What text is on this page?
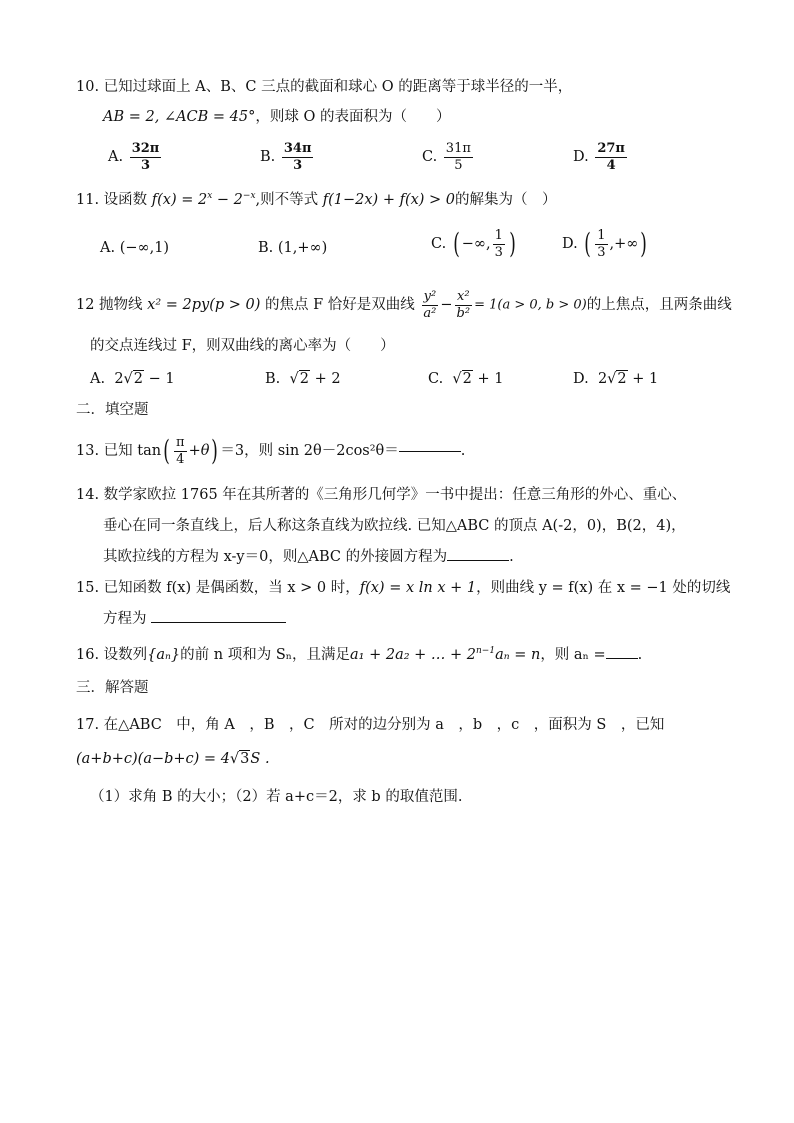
10. 已知过球面上 A、B、C 三点的截面和球心 O 的距离等于球半径的一半，
AB = 2, ∠ACB = 45°，则球 O 的表面积为（　　）
A. $\frac{32\pi}{3}$	B. $\frac{34\pi}{3}$	C. $\frac{31\pi}{5}$	D. $\frac{27\pi}{4}$
11. 设函数 $f(x) = 2^x - 2^{-x}$,则不等式 f(1−2x) + f(x) > 0的解集为（　）
A. (−∞,1)	B. (1,+∞)	C. ( −∞, $\frac{1}{3}$ )	D. ( $\frac{1}{3}$ ,+∞)
12 抛物线 x² = 2py(p > 0) 的焦点 F 恰好是双曲线 $\frac{\text{y²}}{\text{a²}} - \frac{\text{x²}}{\text{b²}} = 1(a > 0$, b > 0)的上焦点，且两条曲线
的交点连线过 F，则双曲线的离心率为（　　）
A. 2√2 − 1	B.  √2 + 2	C.  √2 + 1	D. 2√2 + 1
二．填空题
13. 已知 $\tan( \frac{\pi}{4} +\theta) =3$，则 sin 2θ－2cos²θ＝	.
14. 数学家欧拉 1765 年在其所著的《三角形几何学》一书中提出：任意三角形的外心、重心、
垂心在同一条直线上，后人称这条直线为欧拉线. 已知△ABC 的顶点 A(-2，0)，B(2，4)，
其欧拉线的方程为 x-y＝0，则△ABC 的外接圆方程为	.
15. 已知函数 f(x) 是偶函数，当 x > 0 时，f(x) = x ln x + 1，则曲线 y = f(x) 在 x = −1 处的切线
方程为
16. 设数列{aₙ}的前 n 项和为 Sₙ，且满足a₁ + 2a₂ + … + $2^{n-1}a_n = n$，则 aₙ = .
三．解答题
17. 在△ABC　中，角 A　，B　，C　所对的边分别为 a　，b　，c　，面积为 S　，已知
(a+b+c)(a−b+c) = 4√3S .
（1）求角 B 的大小；（2）若 a+c＝2，求 b 的取值范围.
